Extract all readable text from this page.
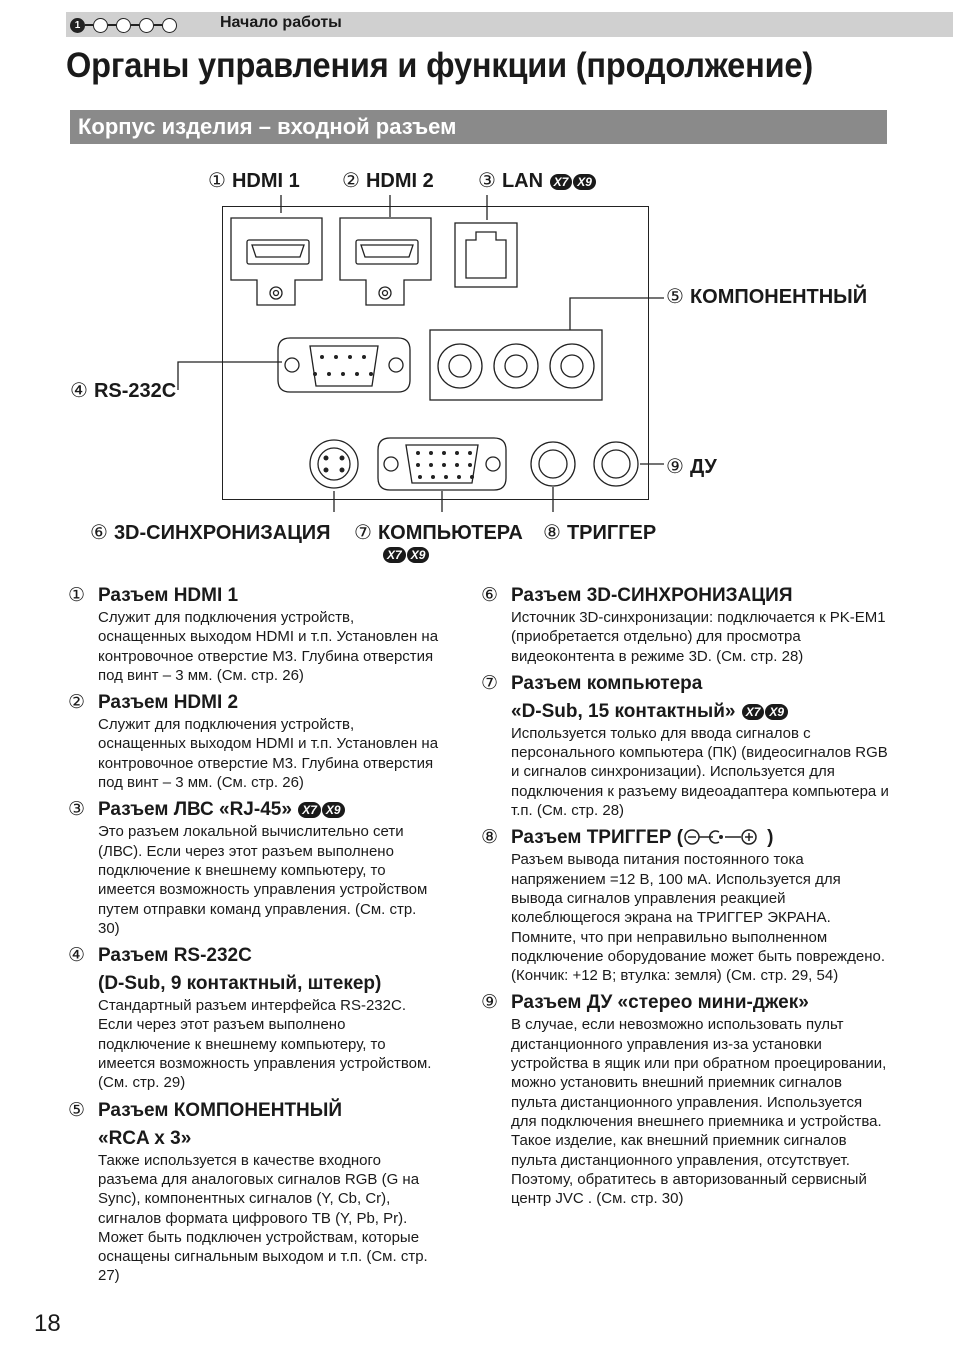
1	Начало работы
Органы управления и функции (продолжение)
Корпус изделия – входной разъем
① HDMI 1 ② HDMI 2 ③ LAN X7 X9
⑤ КОМПОНЕНТНЫЙ
④ RS-232C
⑨ ДУ
⑥ 3D-СИНХРОНИЗАЦИЯ ⑦ КОМПЬЮТЕРА
X7 X9
⑧ ТРИГГЕР
① Разъем HDMI 1
Служит для подключения устройств, оснащенных выходом HDMI и т.п. Установлен на контровочное отверстие M3. Глубина отверстия под винт – 3 мм. (См. стр. 26)
② Разъем HDMI 2
Служит для подключения устройств, оснащенных выходом HDMI и т.п. Установлен на контровочное отверстие M3. Глубина отверстия под винт – 3 мм. (См. стр. 26)
③ Разъем ЛВС «RJ-45» X7 X9
Это разъем локальной вычислительно сети (ЛВС). Если через этот разъем выполнено подключение к внешнему компьютеру, то имеется возможность управления устройством путем отправки команд управления. (См. стр. 30)
④ Разъем RS-232C
(D-Sub, 9 контактный, штекер)
Стандартный разъем интерфейса RS-232C. Если через этот разъем выполнено подключение к внешнему компьютеру, то имеется возможность управления устройством. (См. стр. 29)
⑤ Разъем КОМПОНЕНТНЫЙ
«RCA x 3»
Также используется в качестве входного разъема для аналоговых сигналов RGB (G на Sync), компонентных сигналов (Y, Cb, Cr), сигналов формата цифрового ТВ (Y, Pb, Pr). Может быть подключен устройствам, которые оснащены сигнальным выходом и т.п. (См. стр. 27)
⑥ Разъем 3D-СИНХРОНИЗАЦИЯ
Источник 3D-синхронизации: подключается к PK-EM1 (приобретается отдельно) для просмотра видеоконтента в режиме 3D. (См. стр. 28)
⑦ Разъем компьютера
«D-Sub, 15 контактный» X7 X9
Используется только для ввода сигналов с персонального компьютера (ПК) (видеосигналов RGB и сигналов синхронизации). Используется для подключения к разъему видеоадаптера компьютера и т.п. (См. стр. 28)
⑧ Разъем ТРИГГЕР (	)
Разъем вывода питания постоянного тока напряжением =12 В, 100 мА. Используется для вывода сигналов управления реакцией колеблющегося экрана на ТРИГГЕР ЭКРАНА. Помните, что при неправильно выполненном подключение оборудование может быть повреждено. (Кончик: +12 В; втулка: земля) (См. стр. 29, 54)
⑨ Разъем ДУ «стерео мини-джек»
В случае, если невозможно использовать пульт дистанционного управления из-за установки устройства в ящик или при обратном проецировании, можно установить внешний приемник сигналов пульта дистанционного управления. Используется для подключения внешнего приемника и устройства. Такое изделие, как внешний приемник сигналов пульта дистанционного управления, отсутствует. Поэтому, обратитесь в авторизованный сервисный центр JVC . (См. стр. 30)
18
